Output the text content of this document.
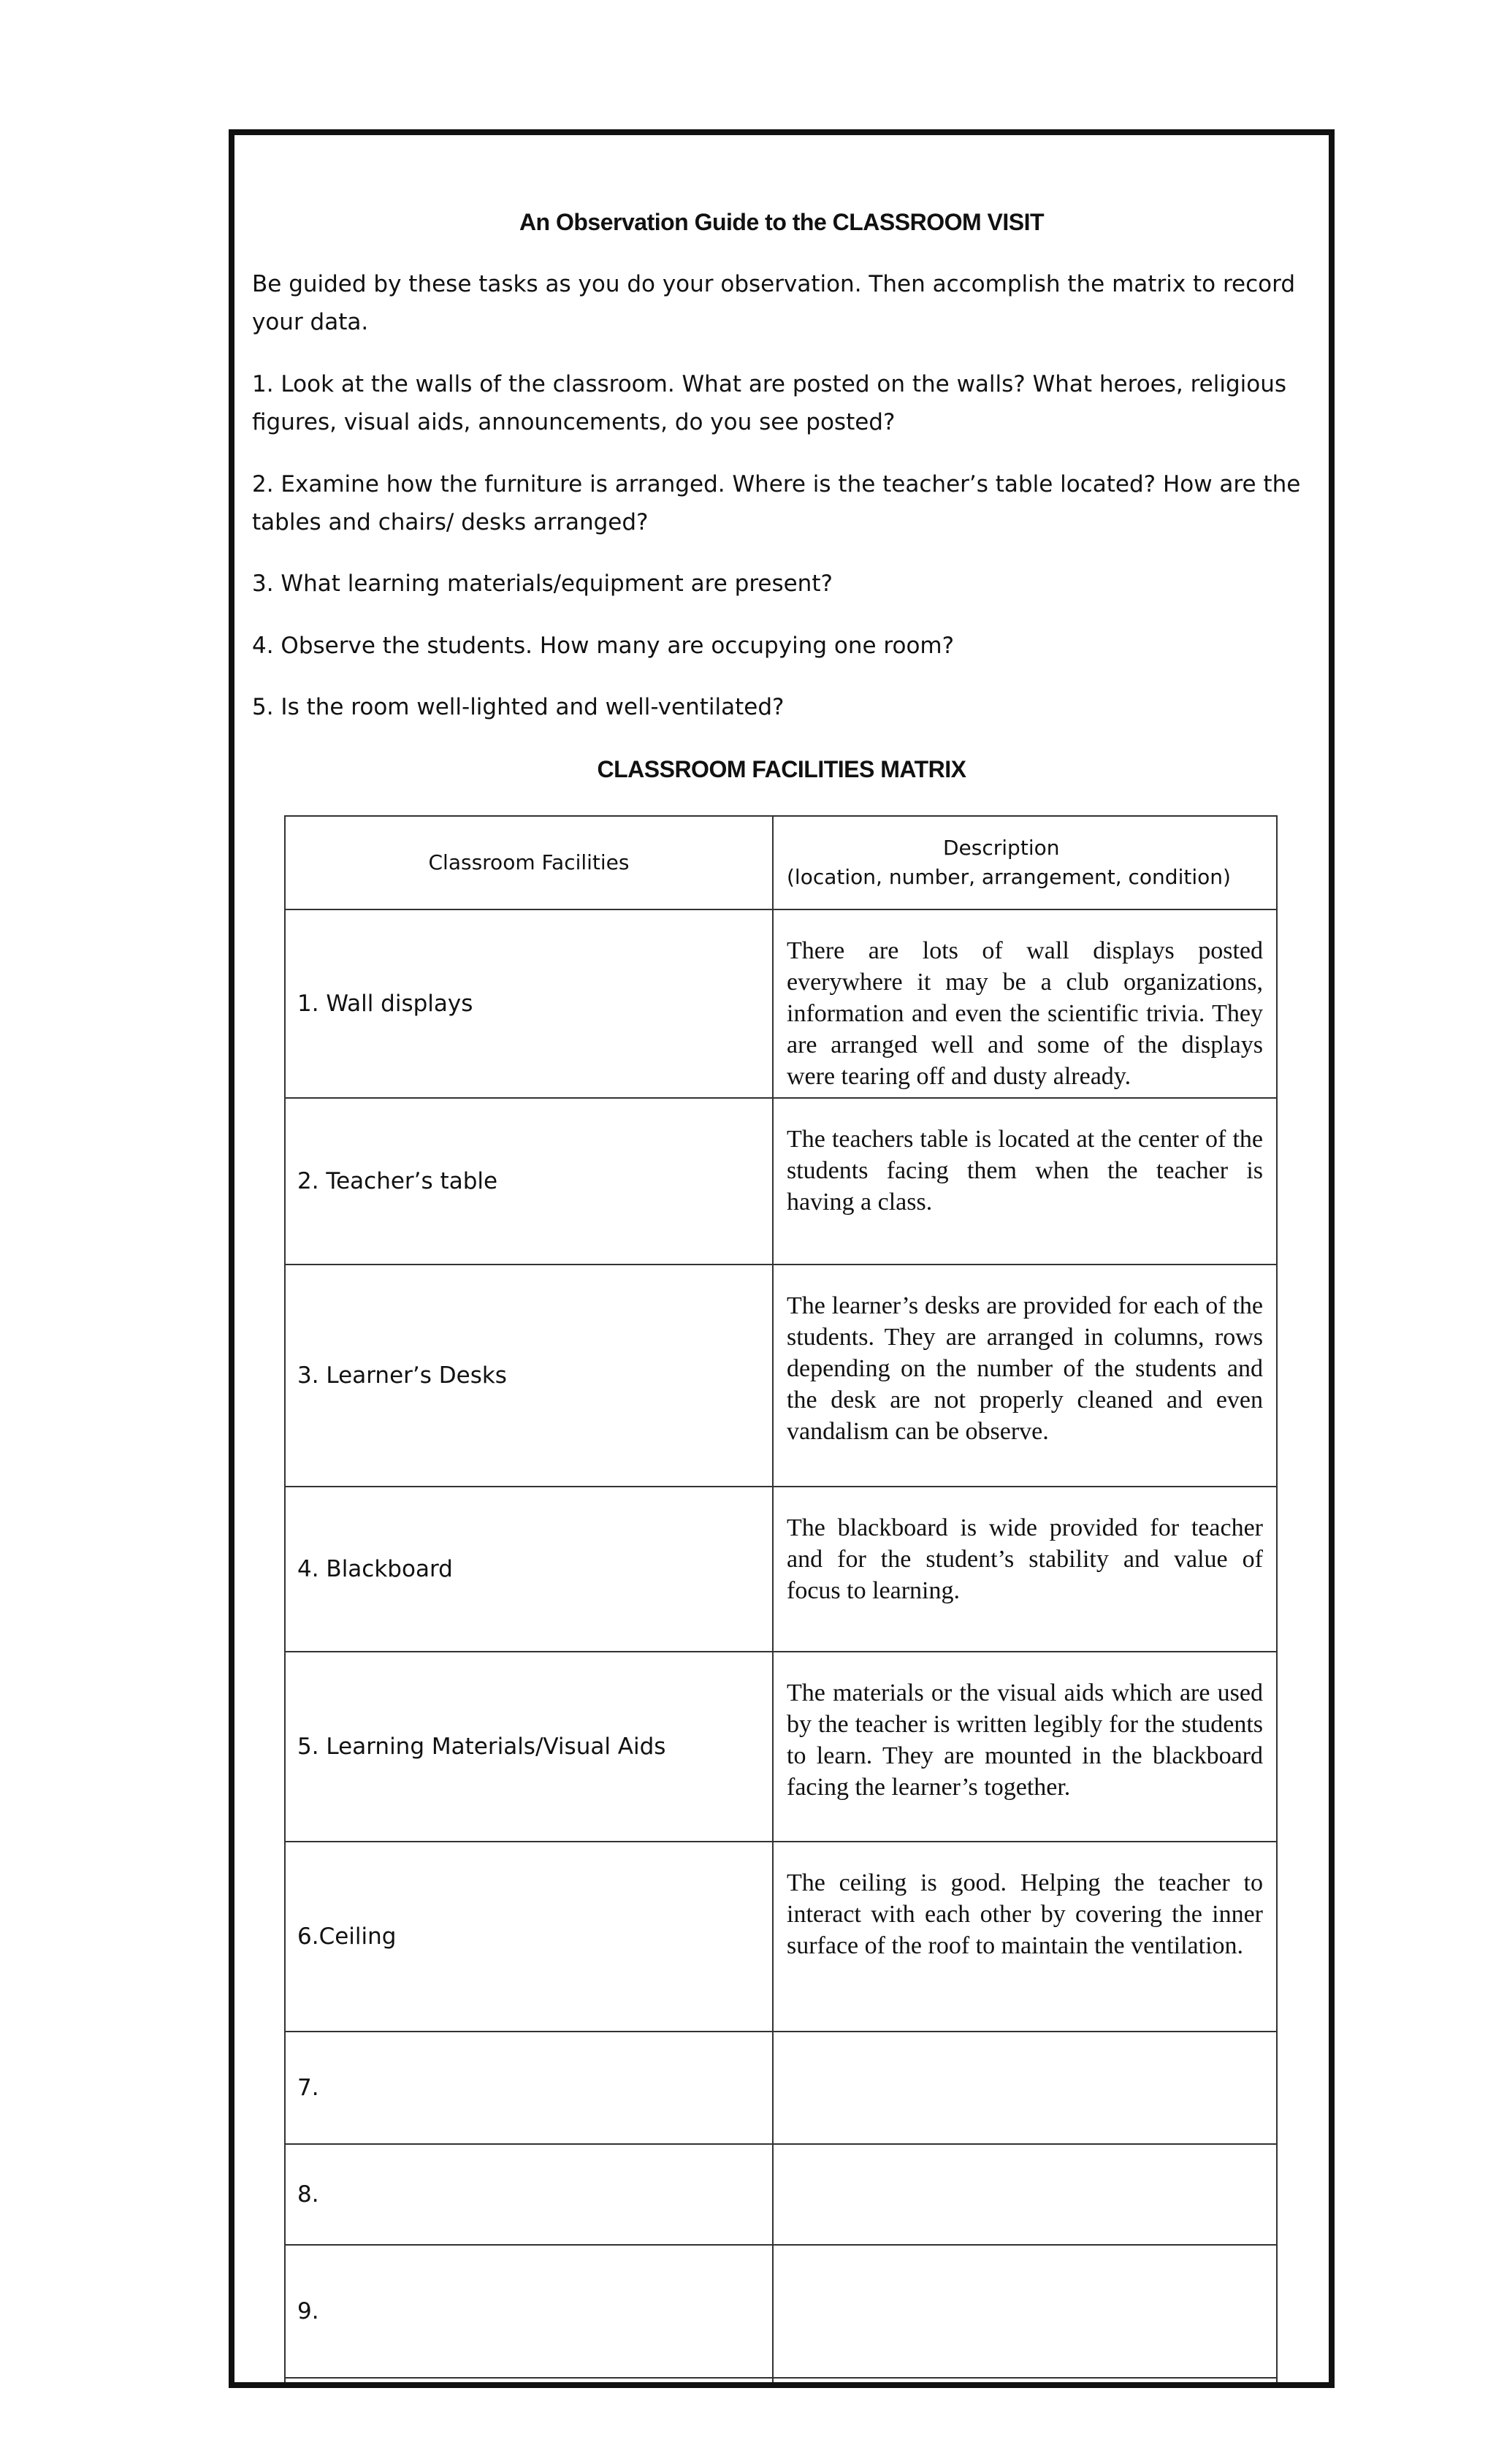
An Observation Guide to the CLASSROOM VISIT

Be guided by these tasks as you do your observation. Then accomplish the matrix to record your data.

1. Look at the walls of the classroom. What are posted on the walls? What heroes, religious figures, visual aids, announcements, do you see posted?

2. Examine how the furniture is arranged. Where is the teacher’s table located? How are the tables and chairs/ desks arranged?

3. What learning materials/equipment are present?

4. Observe the students. How many are occupying one room?

5. Is the room well-lighted and well-ventilated?

CLASSROOM FACILITIES MATRIX
Classroom Facilities	Description
(location, number, arrangement, condition)
1. Wall displays	There are lots of wall displays posted everywhere it may be a club organizations, information and even the scientific trivia. They are arranged well and some of the displays were tearing off and dusty already.

2. Teacher’s table	The teachers table is located at the center of the students facing them when the teacher is having a class.

3. Learner’s Desks	The learner’s desks are provided for each of the students. They are arranged in columns, rows depending on the number of the students and the desk are not properly cleaned and even vandalism can be observe.

4. Blackboard	The blackboard is wide provided for teacher and for the student’s stability and value of focus to learning.

5. Learning Materials/Visual Aids	The materials or the visual aids which are used by the teacher is written legibly for the students to learn. They are mounted in the blackboard facing the learner’s together.

6.Ceiling	The ceiling is good. Helping the teacher to interact with each other by covering the inner surface of the roof to maintain the ventilation.

7.	
8.	
9.	
